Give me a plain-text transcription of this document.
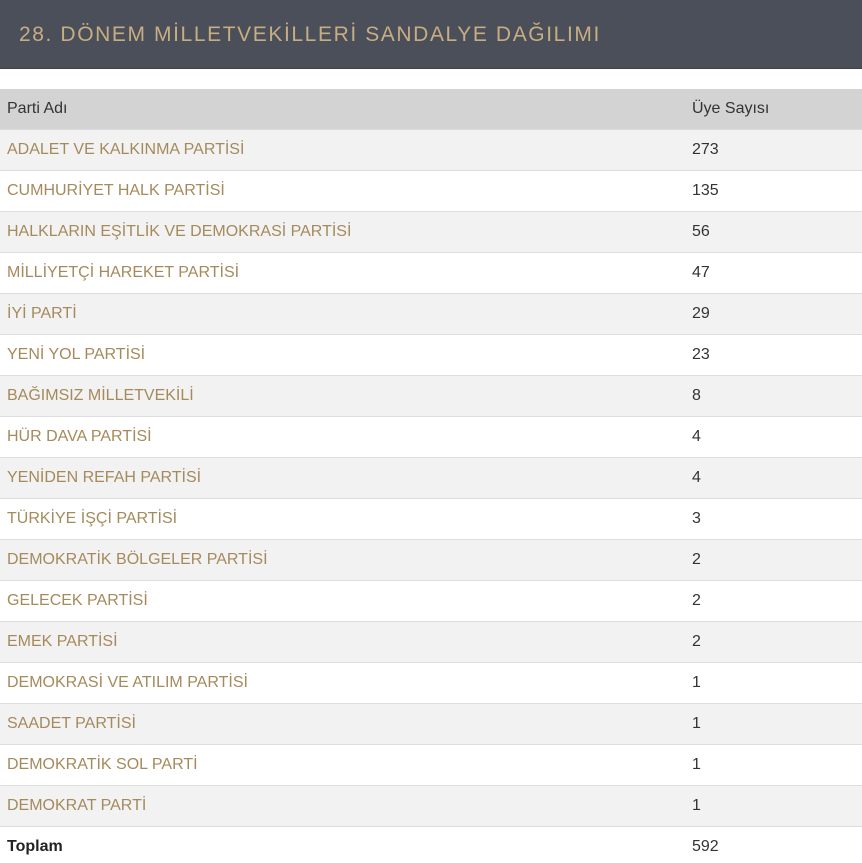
28. DÖNEM MİLLETVEKİLLERİ SANDALYE DAĞILIMI
Parti Adı	Üye Sayısı
ADALET VE KALKINMA PARTİSİ	273
CUMHURİYET HALK PARTİSİ	135
HALKLARIN EŞİTLİK VE DEMOKRASİ PARTİSİ	56
MİLLİYETÇİ HAREKET PARTİSİ	47
İYİ PARTİ	29
YENİ YOL PARTİSİ	23
BAĞIMSIZ MİLLETVEKİLİ	8
HÜR DAVA PARTİSİ	4
YENİDEN REFAH PARTİSİ	4
TÜRKİYE İŞÇİ PARTİSİ	3
DEMOKRATİK BÖLGELER PARTİSİ	2
GELECEK PARTİSİ	2
EMEK PARTİSİ	2
DEMOKRASİ VE ATILIM PARTİSİ	1
SAADET PARTİSİ	1
DEMOKRATİK SOL PARTİ	1
DEMOKRAT PARTİ	1
Toplam	592
